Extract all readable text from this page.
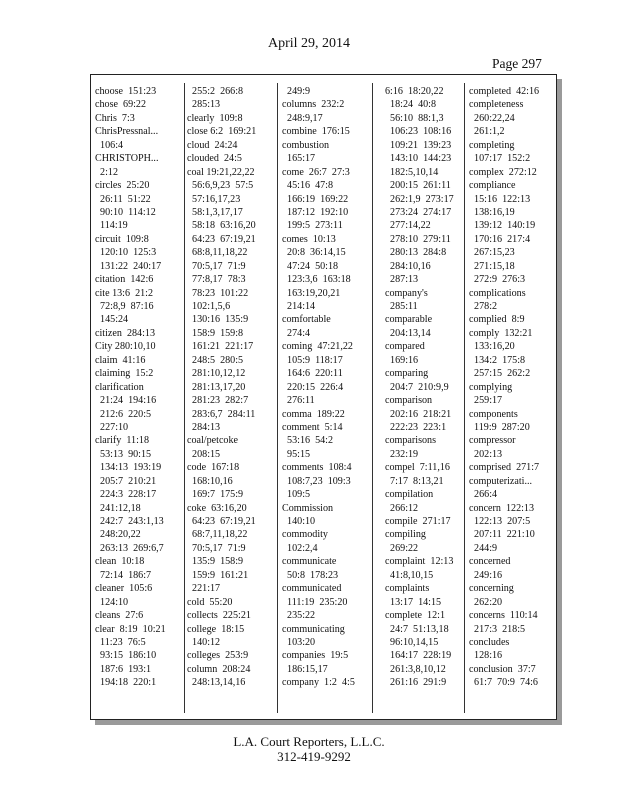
April 29, 2014
Page 297
choose  151:23
chose  69:22
Chris  7:3
ChrisPressnal...
106:4
CHRISTOPH...
2:12
circles  25:20
26:11  51:22
90:10  114:12
114:19
circuit  109:8
120:10  125:3
131:22  240:17
citation  142:6
cite 13:6  21:2
72:8,9  87:16
145:24
citizen  284:13
City 280:10,10
claim  41:16
claiming  15:2
clarification
21:24  194:16
212:6  220:5
227:10
clarify  11:18
53:13  90:15
134:13  193:19
205:7  210:21
224:3  228:17
241:12,18
242:7  243:1,13
248:20,22
263:13  269:6,7
clean  10:18
72:14  186:7
cleaner  105:6
124:10
cleans  27:6
clear  8:19  10:21
11:23  76:5
93:15  186:10
187:6  193:1
194:18  220:1
255:2  266:8
285:13
clearly  109:8
close 6:2  169:21
cloud  24:24
clouded  24:5
coal 19:21,22,22
56:6,9,23  57:5
57:16,17,23
58:1,3,17,17
58:18  63:16,20
64:23  67:19,21
68:8,11,18,22
70:5,17  71:9
77:8,17  78:3
78:23  101:22
102:1,5,6
130:16  135:9
158:9  159:8
161:21  221:17
248:5  280:5
281:10,12,12
281:13,17,20
281:23  282:7
283:6,7  284:11
284:13
coal/petcoke
208:15
code  167:18
168:10,16
169:7  175:9
coke  63:16,20
64:23  67:19,21
68:7,11,18,22
70:5,17  71:9
135:9  158:9
159:9  161:21
221:17
cold  55:20
collects  225:21
college  18:15
140:12
colleges  253:9
column  208:24
248:13,14,16
249:9
columns  232:2
248:9,17
combine  176:15
combustion
165:17
come  26:7  27:3
45:16  47:8
166:19  169:22
187:12  192:10
199:5  273:11
comes  10:13
20:8  36:14,15
47:24  50:18
123:3,6  163:18
163:19,20,21
214:14
comfortable
274:4
coming  47:21,22
105:9  118:17
164:6  220:11
220:15  226:4
276:11
comma  189:22
comment  5:14
53:16  54:2
95:15
comments  108:4
108:7,23  109:3
109:5
Commission
140:10
commodity
102:2,4
communicate
50:8  178:23
communicated
111:19  235:20
235:22
communicating
103:20
companies  19:5
186:15,17
company  1:2  4:5
6:16  18:20,22
18:24  40:8
56:10  88:1,3
106:23  108:16
109:21  139:23
143:10  144:23
182:5,10,14
200:15  261:11
262:1,9  273:17
273:24  274:17
277:14,22
278:10  279:11
280:13  284:8
284:10,16
287:13
company's
285:11
comparable
204:13,14
compared
169:16
comparing
204:7  210:9,9
comparison
202:16  218:21
222:23  223:1
comparisons
232:19
compel  7:11,16
7:17  8:13,21
compilation
266:12
compile  271:17
compiling
269:22
complaint  12:13
41:8,10,15
complaints
13:17  14:15
complete  12:1
24:7  51:13,18
96:10,14,15
164:17  228:19
261:3,8,10,12
261:16  291:9
completed  42:16
completeness
260:22,24
261:1,2
completing
107:17  152:2
complex  272:12
compliance
15:16  122:13
138:16,19
139:12  140:19
170:16  217:4
267:15,23
271:15,18
272:9  276:3
complications
278:2
complied  8:9
comply  132:21
133:16,20
134:2  175:8
257:15  262:2
complying
259:17
components
119:9  287:20
compressor
202:13
comprised  271:7
computerizati...
266:4
concern  122:13
122:13  207:5
207:11  221:10
244:9
concerned
249:16
concerning
262:20
concerns  110:14
217:3  218:5
concludes
128:16
conclusion  37:7
61:7  70:9  74:6
L.A. Court Reporters, L.L.C.
312-419-9292
